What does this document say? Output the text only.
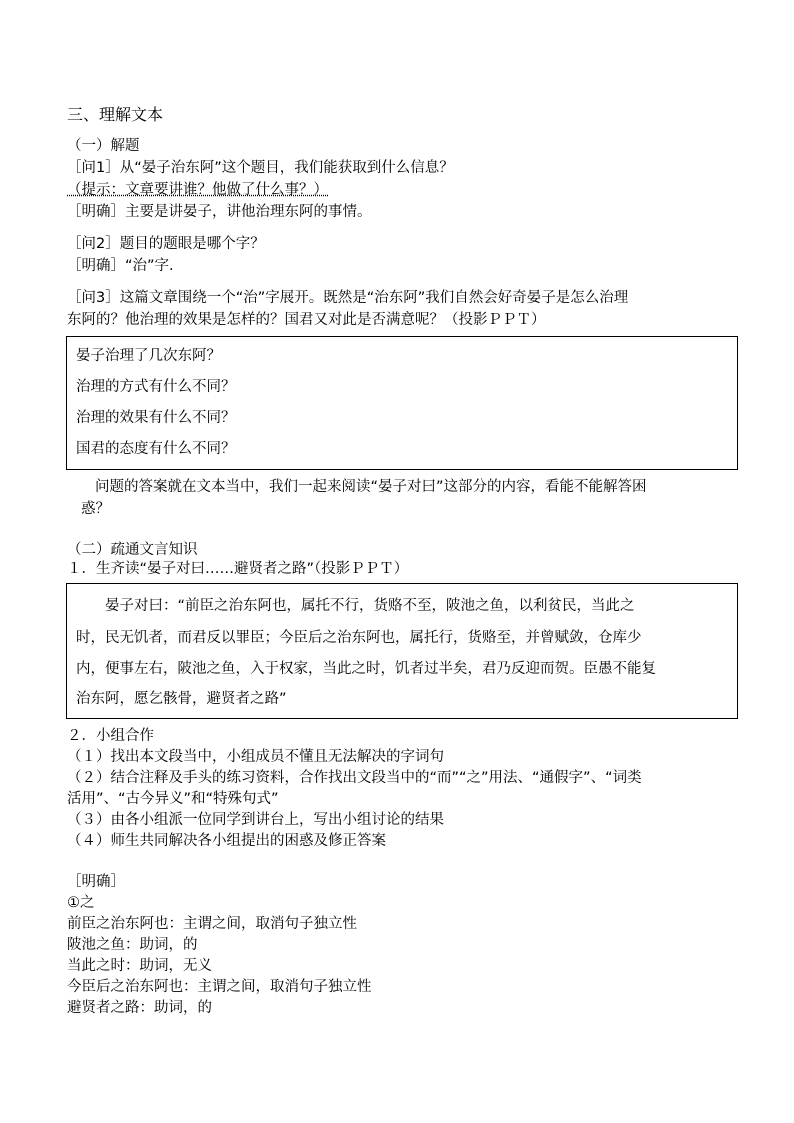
三、理解文本
（一）解题
［问1］从“晏子治东阿”这个题目，我们能获取到什么信息？
（提示：文章要讲谁？他做了什么事？）
［明确］主要是讲晏子，讲他治理东阿的事情。
［问2］题目的题眼是哪个字？
［明确］“治”字.
［问3］这篇文章围绕一个“治”字展开。既然是“治东阿”我们自然会好奇晏子是怎么治理
东阿的？他治理的效果是怎样的？国君又对此是否满意呢？（投影ＰＰＴ）
晏子治理了几次东阿？
治理的方式有什么不同？
治理的效果有什么不同？
国君的态度有什么不同？
问题的答案就在文本当中，我们一起来阅读“晏子对曰”这部分的内容，看能不能解答困
惑？
（二）疏通文言知识
１．生齐读“晏子对曰……避贤者之路”（投影ＰＰＴ）
晏子对曰：“前臣之治东阿也，属托不行，货赂不至，陂池之鱼，以利贫民，当此之
时，民无饥者，而君反以罪臣；今臣后之治东阿也，属托行，货赂至，并曾赋敛，仓库少
内，便事左右，陂池之鱼，入于权家，当此之时，饥者过半矣，君乃反迎而贺。臣愚不能复
治东阿，愿乞骸骨，避贤者之路”
２．小组合作
（１）找出本文段当中，小组成员不懂且无法解决的字词句
（２）结合注释及手头的练习资料，合作找出文段当中的“而”“之”用法、“通假字”、“词类
活用”、“古今异义”和“特殊句式”
（３）由各小组派一位同学到讲台上，写出小组讨论的结果
（４）师生共同解决各小组提出的困惑及修正答案
［明确］
①之
前臣之治东阿也：主谓之间，取消句子独立性
陂池之鱼：助词，的
当此之时：助词，无义
今臣后之治东阿也：主谓之间，取消句子独立性
避贤者之路：助词，的
